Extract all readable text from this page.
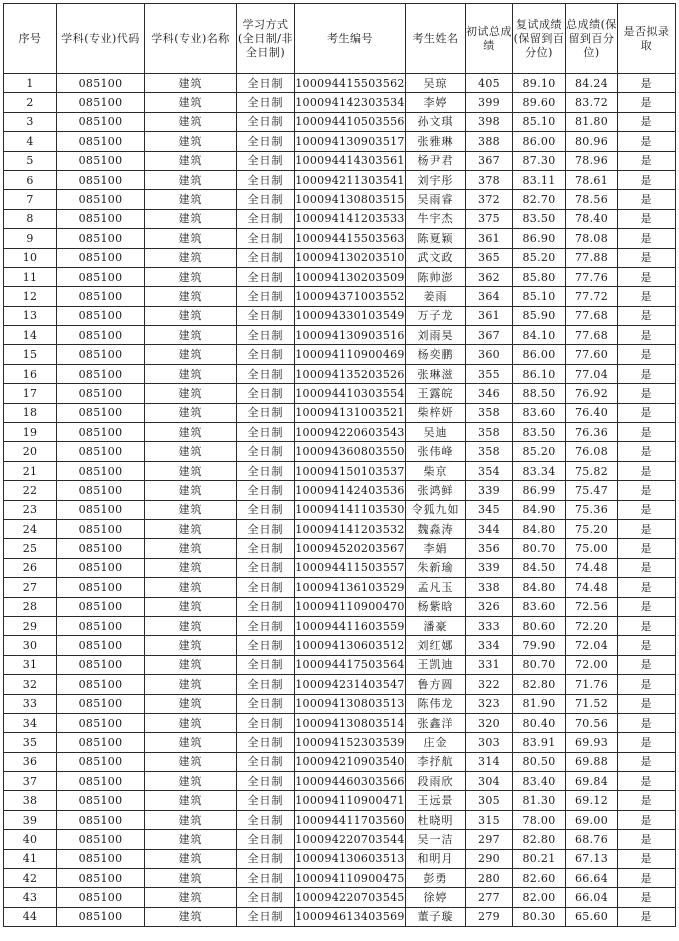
序号	学科(专业)代码	学科(专业)名称	学习方式(全日制/非全日制)	考生编号	考生姓名	初试总成绩	复试成绩(保留到百分位)	总成绩(保留到百分位)	是否拟录取
1	085100	建筑	全日制	100094415503562	吴琼	405	89.10	84.24	是
2	085100	建筑	全日制	100094142303534	李婷	399	89.60	83.72	是
3	085100	建筑	全日制	100094410503556	孙文琪	398	85.10	81.80	是
4	085100	建筑	全日制	100094130903517	张雅琳	388	86.00	80.96	是
5	085100	建筑	全日制	100094414303561	杨尹君	367	87.30	78.96	是
6	085100	建筑	全日制	100094211303541	刘宇彤	378	83.11	78.61	是
7	085100	建筑	全日制	100094130803515	吴雨睿	372	82.70	78.56	是
8	085100	建筑	全日制	100094141203533	牛宇杰	375	83.50	78.40	是
9	085100	建筑	全日制	100094415503563	陈夏颖	361	86.90	78.08	是
10	085100	建筑	全日制	100094130203510	武文政	365	85.20	77.88	是
11	085100	建筑	全日制	100094130203509	陈帅澎	362	85.80	77.76	是
12	085100	建筑	全日制	100094371003552	姜雨	364	85.10	77.72	是
13	085100	建筑	全日制	100094330103549	万子龙	361	85.90	77.68	是
14	085100	建筑	全日制	100094130903516	刘雨昊	367	84.10	77.68	是
15	085100	建筑	全日制	100094110900469	杨奕鹏	360	86.00	77.60	是
16	085100	建筑	全日制	100094135203526	张琳滋	355	86.10	77.04	是
17	085100	建筑	全日制	100094410303554	王露皖	346	88.50	76.92	是
18	085100	建筑	全日制	100094131003521	柴梓妍	358	83.60	76.40	是
19	085100	建筑	全日制	100094220603543	吴迪	358	83.50	76.36	是
20	085100	建筑	全日制	100094360803550	张伟峰	358	85.20	76.08	是
21	085100	建筑	全日制	100094150103537	柴京	354	83.34	75.82	是
22	085100	建筑	全日制	100094142403536	张鸿鲜	339	86.99	75.47	是
23	085100	建筑	全日制	100094141103530	令狐九如	345	84.90	75.36	是
24	085100	建筑	全日制	100094141203532	魏淼涛	344	84.80	75.20	是
25	085100	建筑	全日制	100094520203567	李娟	356	80.70	75.00	是
26	085100	建筑	全日制	100094411503557	朱新瑜	339	84.50	74.48	是
27	085100	建筑	全日制	100094136103529	孟凡玉	338	84.80	74.48	是
28	085100	建筑	全日制	100094110900470	杨紫晗	326	83.60	72.56	是
29	085100	建筑	全日制	100094411603559	潘豪	333	80.60	72.20	是
30	085100	建筑	全日制	100094130603512	刘红娜	334	79.90	72.04	是
31	085100	建筑	全日制	100094417503564	王凯迪	331	80.70	72.00	是
32	085100	建筑	全日制	100094231403547	鲁方圆	322	82.80	71.76	是
33	085100	建筑	全日制	100094130803513	陈伟龙	323	81.90	71.52	是
34	085100	建筑	全日制	100094130803514	张鑫洋	320	80.40	70.56	是
35	085100	建筑	全日制	100094152303539	庄金	303	83.91	69.93	是
36	085100	建筑	全日制	100094210903540	李抒航	314	80.50	69.88	是
37	085100	建筑	全日制	100094460303566	段雨欣	304	83.40	69.84	是
38	085100	建筑	全日制	100094110900471	王远景	305	81.30	69.12	是
39	085100	建筑	全日制	100094411703560	杜晓明	315	78.00	69.00	是
40	085100	建筑	全日制	100094220703544	吴一洁	297	82.80	68.76	是
41	085100	建筑	全日制	100094130603513	和明月	290	80.21	67.13	是
42	085100	建筑	全日制	100094110900475	彭勇	280	82.60	66.64	是
43	085100	建筑	全日制	100094220703545	徐婷	277	82.00	66.04	是
44	085100	建筑	全日制	100094613403569	董子璇	279	80.30	65.60	是
